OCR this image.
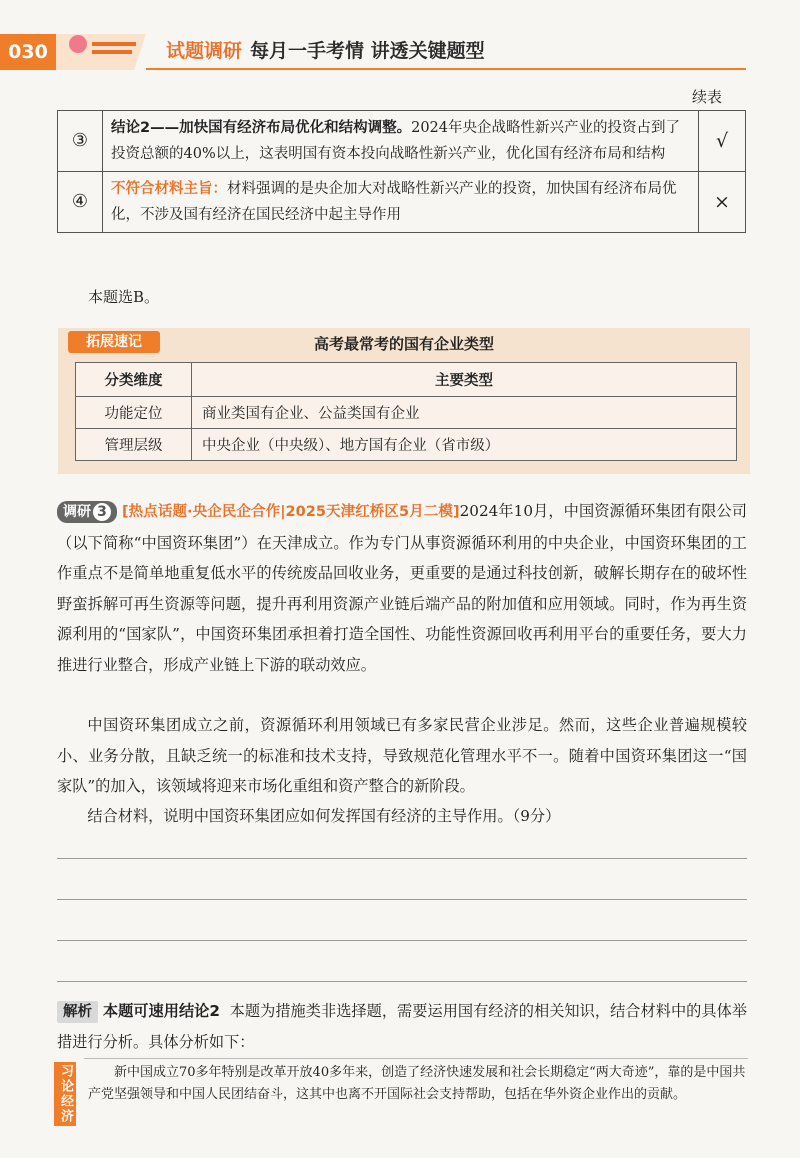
030	试题调研 每月一手考情 讲透关键题型
续表
③	结论2——加快国有经济布局优化和结构调整。2024年央企战略性新兴产业的投资占到了投资总额的40%以上，这表明国有资本投向战略性新兴产业，优化国有经济布局和结构	√
④	不符合材料主旨：材料强调的是央企加大对战略性新兴产业的投资，加快国有经济布局优化，不涉及国有经济在国民经济中起主导作用	×
本题选B。
高考最常考的国有企业类型
拓展速记
分类维度	主要类型
功能定位	商业类国有企业、公益类国有企业
管理层级	中央企业（中央级）、地方国有企业（省市级）
调研 3 [热点话题·央企民企合作|2025天津红桥区5月二模]2024年10月，中国资源循环集团有限公司（以下简称“中国资环集团”）在天津成立。作为专门从事资源循环利用的中央企业，中国资环集团的工作重点不是简单地重复低水平的传统废品回收业务，更重要的是通过科技创新，破解长期存在的破坏性野蛮拆解可再生资源等问题，提升再利用资源产业链后端产品的附加值和应用领域。同时，作为再生资源利用的“国家队”，中国资环集团承担着打造全国性、功能性资源回收再利用平台的重要任务，要大力推进行业整合，形成产业链上下游的联动效应。
中国资环集团成立之前，资源循环利用领域已有多家民营企业涉足。然而，这些企业普遍规模较小、业务分散，且缺乏统一的标准和技术支持，导致规范化管理水平不一。随着中国资环集团这一“国家队”的加入，该领域将迎来市场化重组和资产整合的新阶段。
结合材料，说明中国资环集团应如何发挥国有经济的主导作用。（9分）
解析 本题可速用结论2 本题为措施类非选择题，需要运用国有经济的相关知识，结合材料中的具体举措进行分析。具体分析如下：
习论经济	新中国成立70多年特别是改革开放40多年来，创造了经济快速发展和社会长期稳定“两大奇迹”，靠的是中国共产党坚强领导和中国人民团结奋斗，这其中也离不开国际社会支持帮助，包括在华外资企业作出的贡献。
